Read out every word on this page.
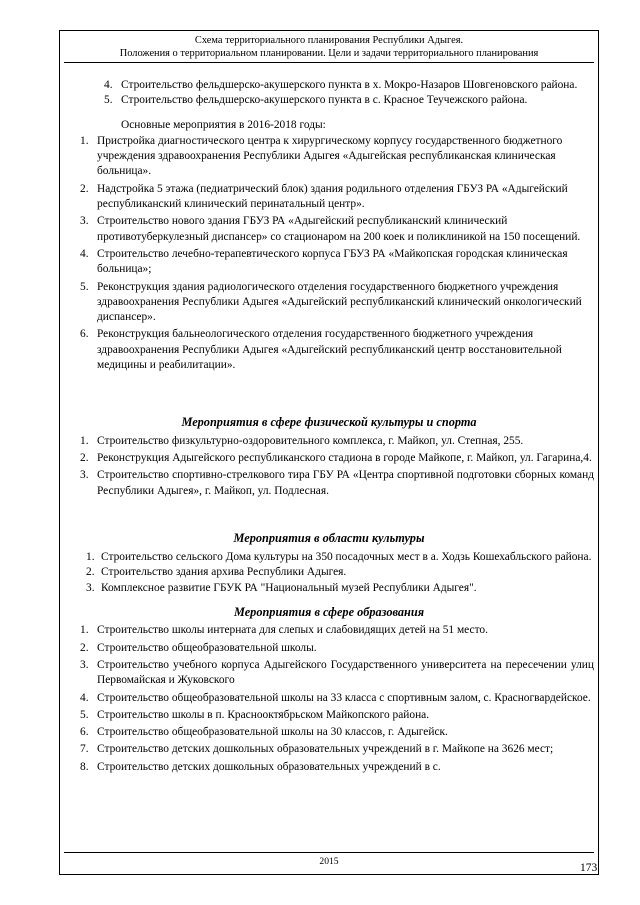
Схема территориального планирования Республики Адыгея.
Положения о территориальном планировании. Цели и задачи территориального планирования
4. Строительство фельдшерско-акушерского пункта в х. Мокро-Назаров Шовгеновского района.
5. Строительство фельдшерско-акушерского пункта в с. Красное Теучежского района.
Основные мероприятия в 2016-2018 годы:
1. Пристройка диагностического центра к хирургическому корпусу государственного бюджетного учреждения здравоохранения Республики Адыгея «Адыгейская республиканская клиническая больница».
2. Надстройка 5 этажа (педиатрический блок) здания родильного отделения ГБУЗ РА «Адыгейский республиканский клинический перинатальный центр».
3. Строительство нового здания ГБУЗ РА «Адыгейский республиканский клинический противотуберкулезный диспансер» со стационаром на 200 коек и поликлиникой на 150 посещений.
4. Строительство лечебно-терапевтического корпуса ГБУЗ РА «Майкопская городская клиническая больница»;
5. Реконструкция здания радиологического отделения государственного бюджетного учреждения здравоохранения Республики Адыгея «Адыгейский республиканский клинический онкологический диспансер».
6. Реконструкция бальнеологического отделения государственного бюджетного учреждения здравоохранения Республики Адыгея «Адыгейский республиканский центр восстановительной медицины и реабилитации».
Мероприятия в сфере физической культуры и спорта
1. Строительство физкультурно-оздоровительного комплекса, г. Майкоп, ул. Степная, 255.
2. Реконструкция Адыгейского республиканского стадиона в городе Майкопе, г. Майкоп, ул. Гагарина,4.
3. Строительство спортивно-стрелкового тира ГБУ РА «Центра спортивной подготовки сборных команд Республики Адыгея», г. Майкоп, ул. Подлесная.
Мероприятия в области культуры
1. Строительство сельского Дома культуры на 350 посадочных мест в а. Ходзь Кошехабльского района.
2. Строительство здания архива Республики Адыгея.
3. Комплексное развитие ГБУК РА "Национальный музей Республики Адыгея".
Мероприятия в сфере образования
1. Строительство школы интерната для слепых и слабовидящих детей на 51 место.
2. Строительство общеобразовательной школы.
3. Строительство учебного корпуса Адыгейского Государственного университета на пересечении улиц Первомайская и Жуковского
4. Строительство общеобразовательной школы на 33 класса с спортивным залом, с. Красногвардейское.
5. Строительство школы в п. Краснооктябрьском Майкопского района.
6. Строительство общеобразовательной школы на 30 классов, г. Адыгейск.
7. Строительство детских дошкольных образовательных учреждений в г. Майкопе на 3626 мест;
8. Строительство детских дошкольных образовательных учреждений в с.
2015
173
